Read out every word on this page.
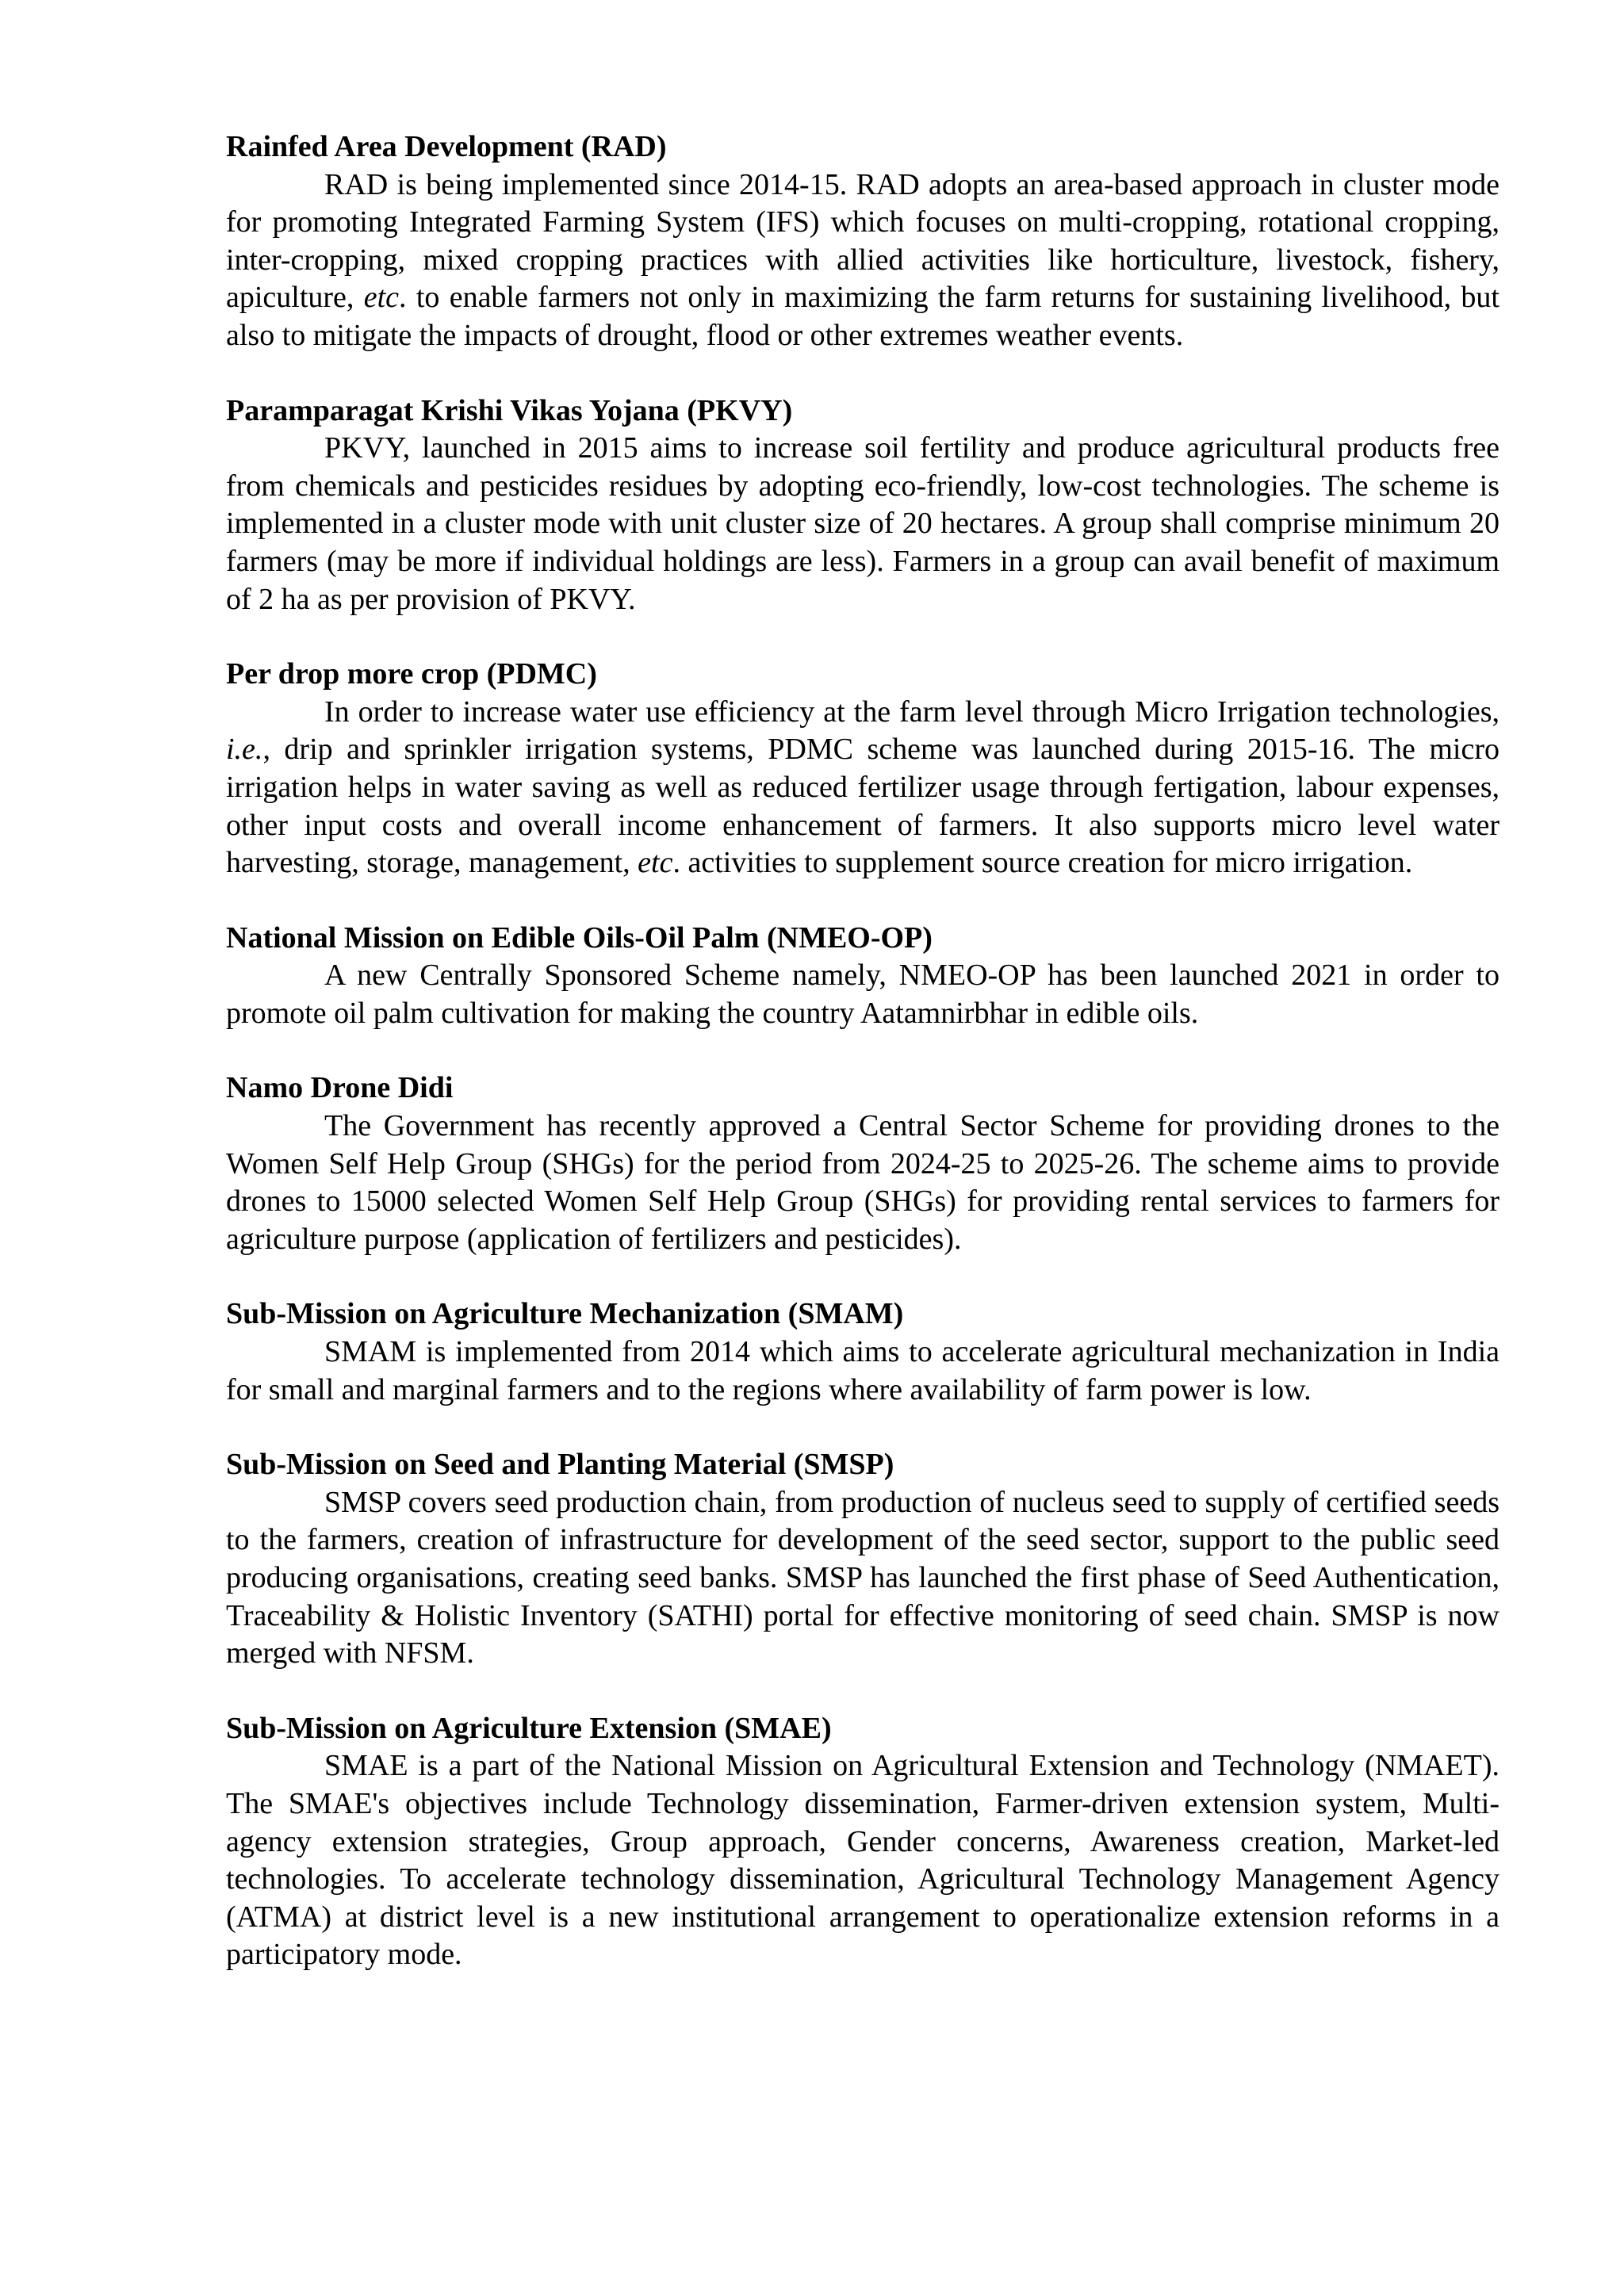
Rainfed Area Development (RAD)

RAD is being implemented since 2014-15. RAD adopts an area-based approach in cluster mode for promoting Integrated Farming System (IFS) which focuses on multi-cropping, rotational cropping, inter-cropping, mixed cropping practices with allied activities like horticulture, livestock, fishery, apiculture, etc. to enable farmers not only in maximizing the farm returns for sustaining livelihood, but also to mitigate the impacts of drought, flood or other extremes weather events.

Paramparagat Krishi Vikas Yojana (PKVY)

PKVY, launched in 2015 aims to increase soil fertility and produce agricultural products free from chemicals and pesticides residues by adopting eco-friendly, low-cost technologies. The scheme is implemented in a cluster mode with unit cluster size of 20 hectares. A group shall comprise minimum 20 farmers (may be more if individual holdings are less). Farmers in a group can avail benefit of maximum of 2 ha as per provision of PKVY.

Per drop more crop (PDMC)

In order to increase water use efficiency at the farm level through Micro Irrigation technologies, i.e., drip and sprinkler irrigation systems, PDMC scheme was launched during 2015-16. The micro irrigation helps in water saving as well as reduced fertilizer usage through fertigation, labour expenses, other input costs and overall income enhancement of farmers. It also supports micro level water harvesting, storage, management, etc. activities to supplement source creation for micro irrigation.

National Mission on Edible Oils-Oil Palm (NMEO-OP)

A new Centrally Sponsored Scheme namely, NMEO-OP has been launched 2021 in order to promote oil palm cultivation for making the country Aatamnirbhar in edible oils.

Namo Drone Didi

The Government has recently approved a Central Sector Scheme for providing drones to the Women Self Help Group (SHGs) for the period from 2024-25 to 2025-26. The scheme aims to provide drones to 15000 selected Women Self Help Group (SHGs) for providing rental services to farmers for agriculture purpose (application of fertilizers and pesticides).

Sub-Mission on Agriculture Mechanization (SMAM)

SMAM is implemented from 2014 which aims to accelerate agricultural mechanization in India for small and marginal farmers and to the regions where availability of farm power is low.

Sub-Mission on Seed and Planting Material (SMSP)

SMSP covers seed production chain, from production of nucleus seed to supply of certified seeds to the farmers, creation of infrastructure for development of the seed sector, support to the public seed producing organisations, creating seed banks. SMSP has launched the first phase of Seed Authentication, Traceability & Holistic Inventory (SATHI) portal for effective monitoring of seed chain. SMSP is now merged with NFSM.

Sub-Mission on Agriculture Extension (SMAE)

SMAE is a part of the National Mission on Agricultural Extension and Technology (NMAET). The SMAE's objectives include Technology dissemination, Farmer-driven extension system, Multi-agency extension strategies, Group approach, Gender concerns, Awareness creation, Market-led technologies. To accelerate technology dissemination, Agricultural Technology Management Agency (ATMA) at district level is a new institutional arrangement to operationalize extension reforms in a participatory mode.
